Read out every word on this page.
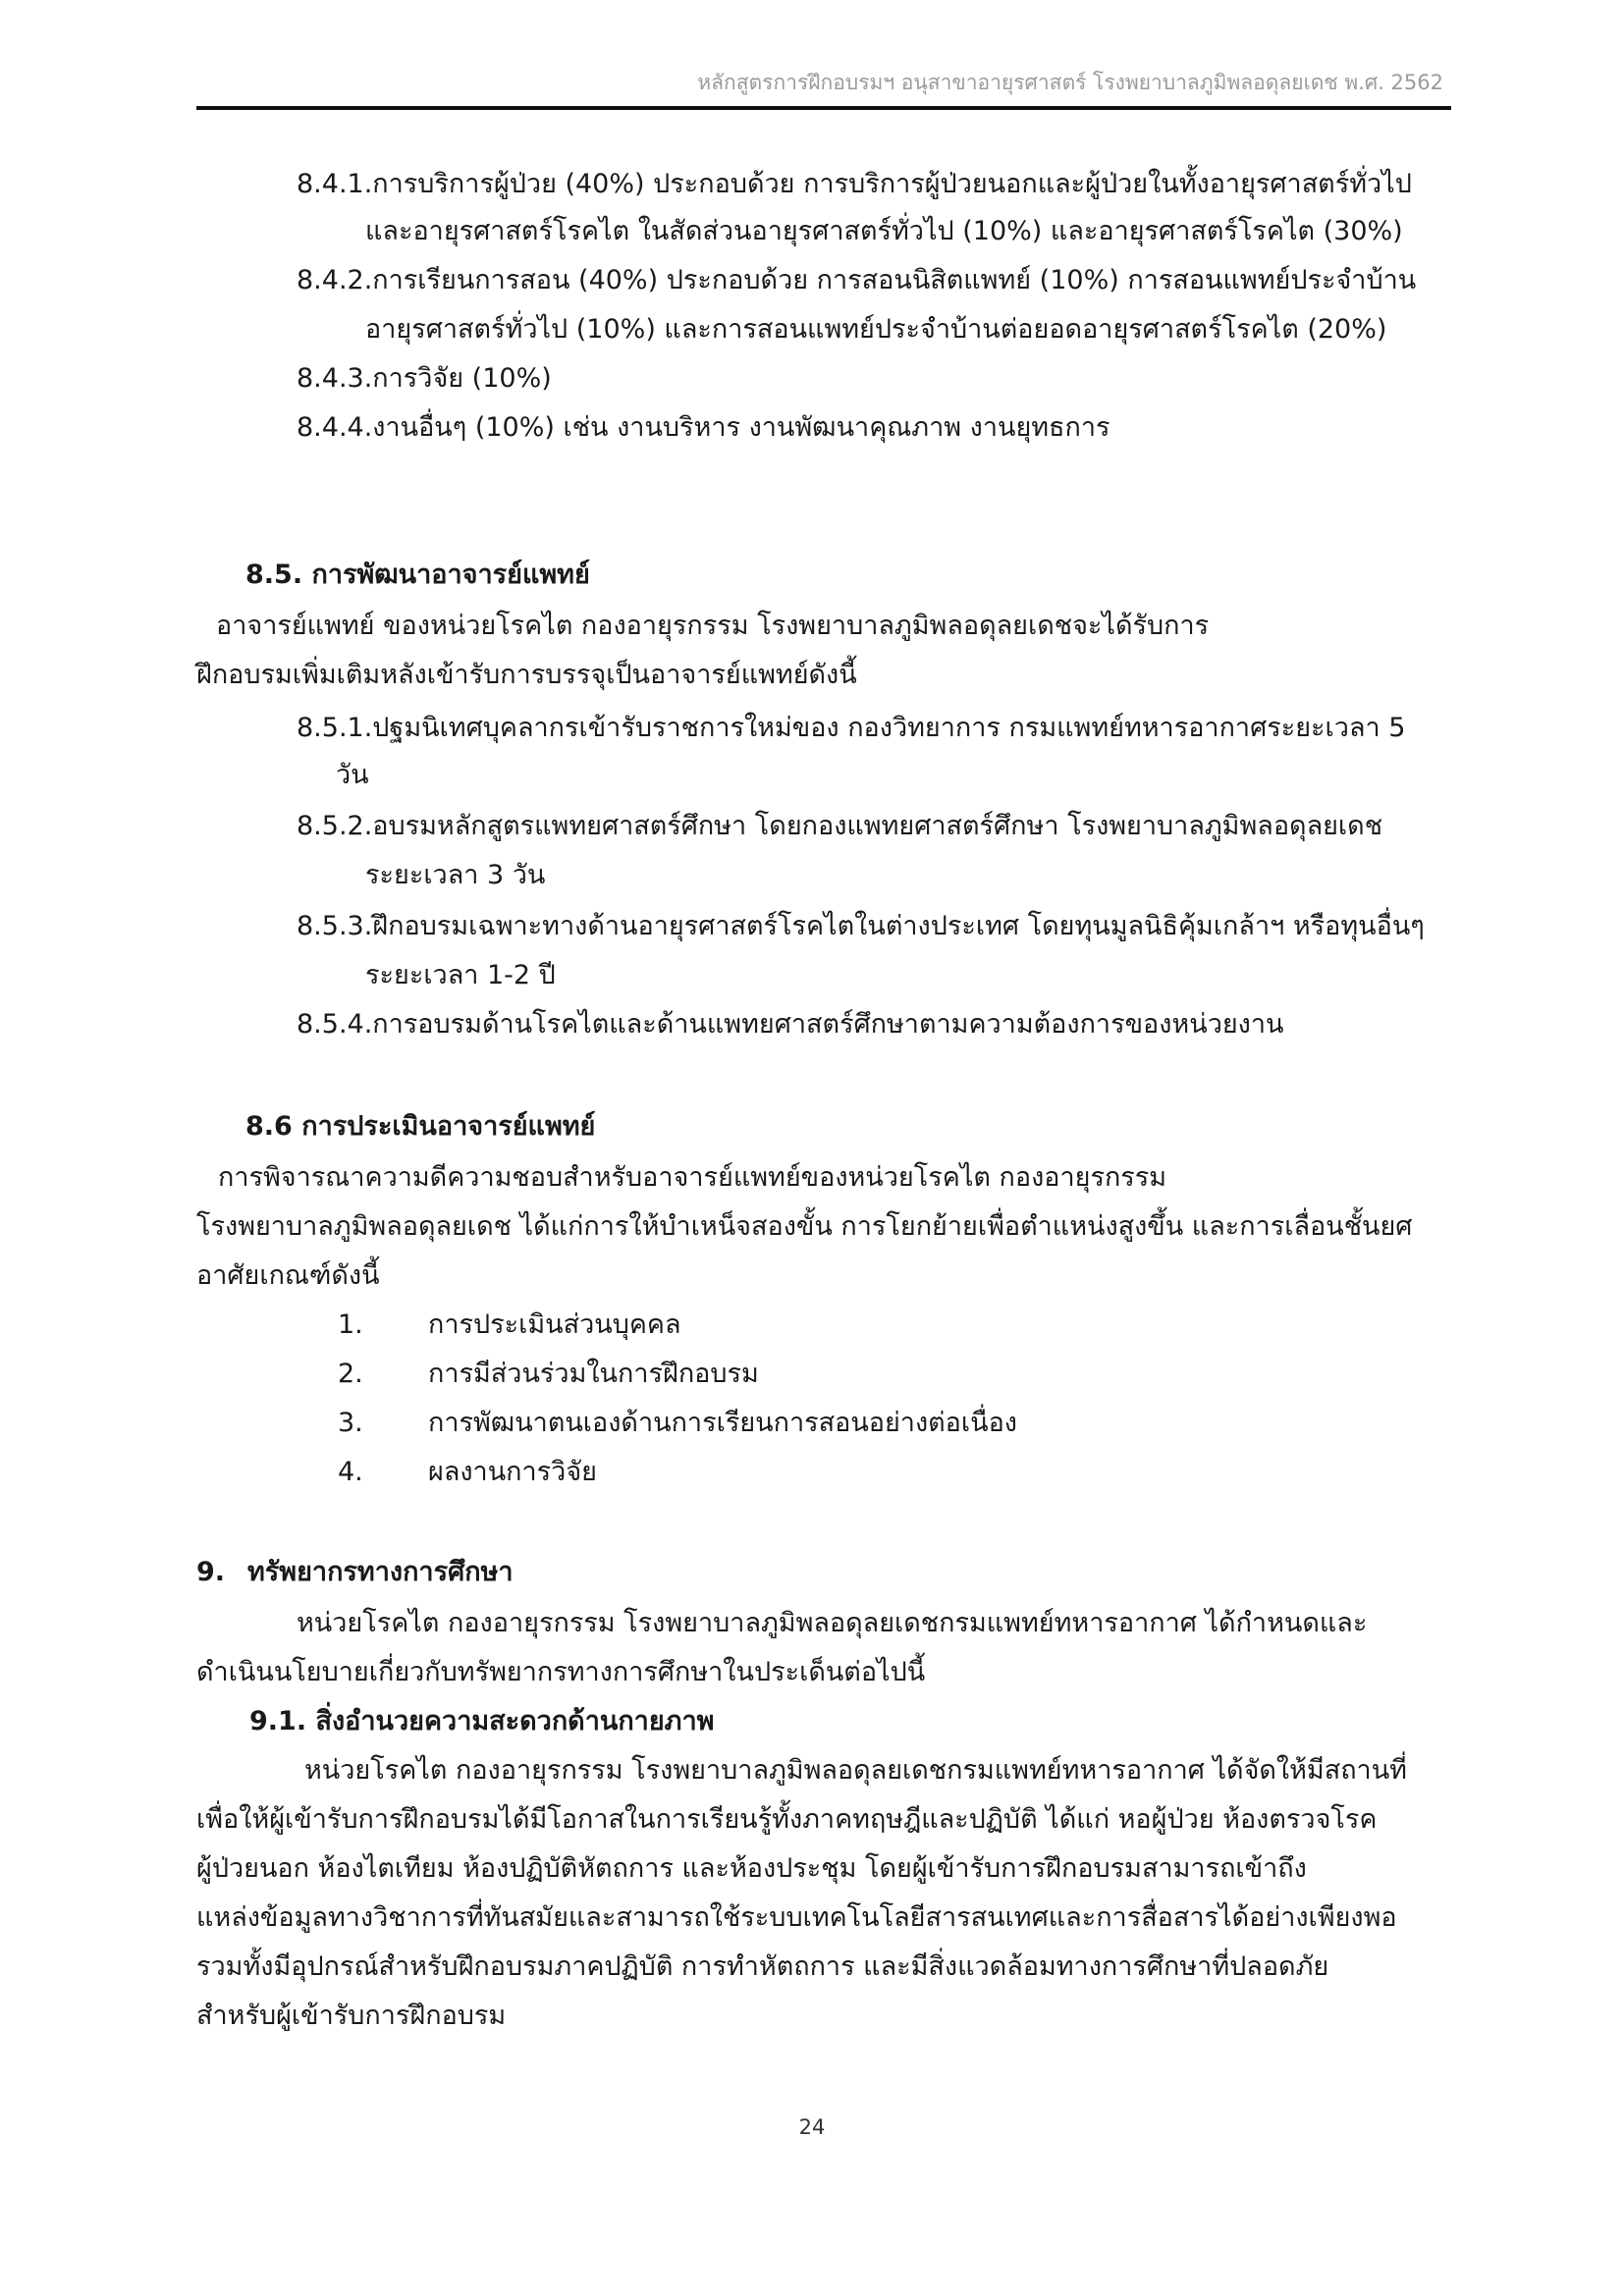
หลักสูตรการฝึกอบรมฯ อนุสาขาอายุรศาสตร์ โรงพยาบาลภูมิพลอดุลยเดช พ.ศ. 2562
8.4.1.การบริการผู้ป่วย (40%) ประกอบด้วย การบริการผู้ป่วยนอกและผู้ป่วยในทั้งอายุรศาสตร์ทั่วไป
และอายุรศาสตร์โรคไต ในสัดส่วนอายุรศาสตร์ทั่วไป (10%) และอายุรศาสตร์โรคไต (30%)
8.4.2.การเรียนการสอน (40%) ประกอบด้วย การสอนนิสิตแพทย์ (10%) การสอนแพทย์ประจำบ้าน
อายุรศาสตร์ทั่วไป (10%) และการสอนแพทย์ประจำบ้านต่อยอดอายุรศาสตร์โรคไต (20%)
8.4.3.การวิจัย (10%)
8.4.4.งานอื่นๆ (10%) เช่น งานบริหาร งานพัฒนาคุณภาพ งานยุทธการ
8.5. การพัฒนาอาจารย์แพทย์
อาจารย์แพทย์ ของหน่วยโรคไต กองอายุรกรรม โรงพยาบาลภูมิพลอดุลยเดชจะได้รับการ
ฝึกอบรมเพิ่มเติมหลังเข้ารับการบรรจุเป็นอาจารย์แพทย์ดังนี้
8.5.1.ปฐมนิเทศบุคลากรเข้ารับราชการใหม่ของ กองวิทยาการ กรมแพทย์ทหารอากาศระยะเวลา 5
วัน
8.5.2.อบรมหลักสูตรแพทยศาสตร์ศึกษา โดยกองแพทยศาสตร์ศึกษา โรงพยาบาลภูมิพลอดุลยเดช
ระยะเวลา 3 วัน
8.5.3.ฝึกอบรมเฉพาะทางด้านอายุรศาสตร์โรคไตในต่างประเทศ โดยทุนมูลนิธิคุ้มเกล้าฯ หรือทุนอื่นๆ
ระยะเวลา 1-2 ปี
8.5.4.การอบรมด้านโรคไตและด้านแพทยศาสตร์ศึกษาตามความต้องการของหน่วยงาน
8.6 การประเมินอาจารย์แพทย์
การพิจารณาความดีความชอบสำหรับอาจารย์แพทย์ของหน่วยโรคไต กองอายุรกรรม
โรงพยาบาลภูมิพลอดุลยเดช ได้แก่การให้บำเหน็จสองขั้น การโยกย้ายเพื่อตำแหน่งสูงขึ้น และการเลื่อนชั้นยศ
อาศัยเกณฑ์ดังนี้
1. การประเมินส่วนบุคคล
2. การมีส่วนร่วมในการฝึกอบรม
3. การพัฒนาตนเองด้านการเรียนการสอนอย่างต่อเนื่อง
4. ผลงานการวิจัย
9. ทรัพยากรทางการศึกษา
หน่วยโรคไต กองอายุรกรรม โรงพยาบาลภูมิพลอดุลยเดชกรมแพทย์ทหารอากาศ ได้กำหนดและ
ดำเนินนโยบายเกี่ยวกับทรัพยากรทางการศึกษาในประเด็นต่อไปนี้
9.1. สิ่งอำนวยความสะดวกด้านกายภาพ
หน่วยโรคไต กองอายุรกรรม โรงพยาบาลภูมิพลอดุลยเดชกรมแพทย์ทหารอากาศ ได้จัดให้มีสถานที่
เพื่อให้ผู้เข้ารับการฝึกอบรมได้มีโอกาสในการเรียนรู้ทั้งภาคทฤษฎีและปฏิบัติ ได้แก่ หอผู้ป่วย ห้องตรวจโรค
ผู้ป่วยนอก ห้องไตเทียม ห้องปฏิบัติหัตถการ และห้องประชุม โดยผู้เข้ารับการฝึกอบรมสามารถเข้าถึง
แหล่งข้อมูลทางวิชาการที่ทันสมัยและสามารถใช้ระบบเทคโนโลยีสารสนเทศและการสื่อสารได้อย่างเพียงพอ
รวมทั้งมีอุปกรณ์สำหรับฝึกอบรมภาคปฏิบัติ การทำหัตถการ และมีสิ่งแวดล้อมทางการศึกษาที่ปลอดภัย
สำหรับผู้เข้ารับการฝึกอบรม
24
